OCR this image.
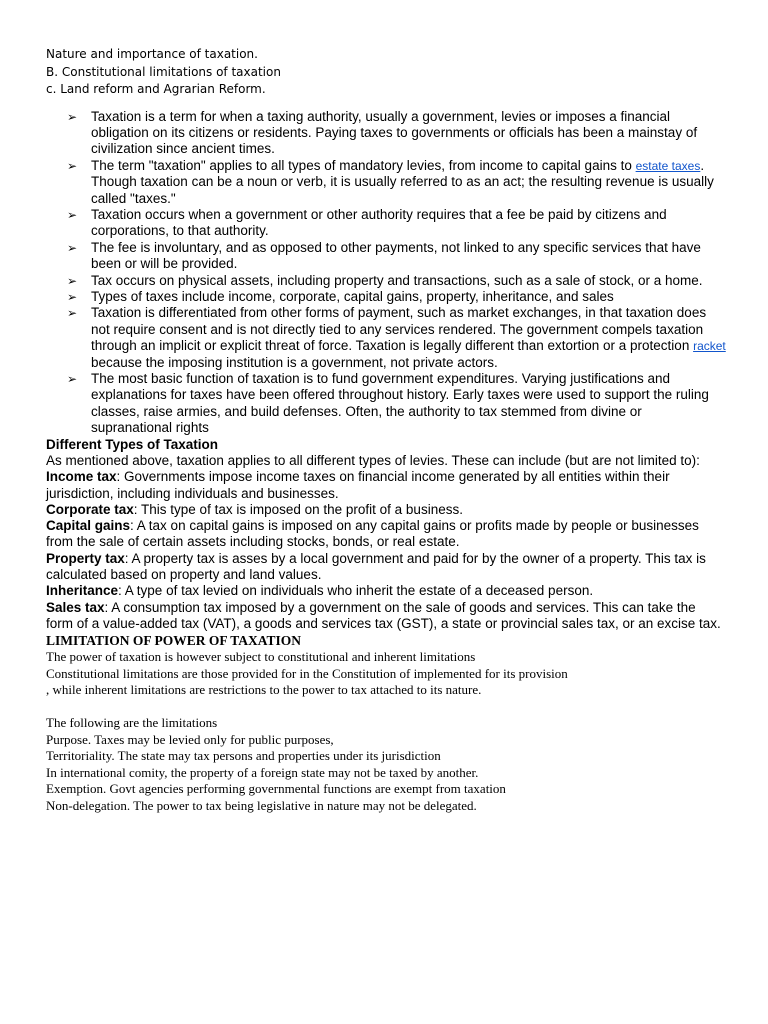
Nature and importance of taxation.
B. Constitutional limitations of taxation
c. Land reform and Agrarian Reform.
➢ Taxation is a term for when a taxing authority, usually a government, levies or imposes a financial obligation on its citizens or residents. Paying taxes to governments or officials has been a mainstay of civilization since ancient times.
➢ The term "taxation" applies to all types of mandatory levies, from income to capital gains to estate taxes. Though taxation can be a noun or verb, it is usually referred to as an act; the resulting revenue is usually called "taxes."
➢ Taxation occurs when a government or other authority requires that a fee be paid by citizens and corporations, to that authority.
➢ The fee is involuntary, and as opposed to other payments, not linked to any specific services that have been or will be provided.
➢ Tax occurs on physical assets, including property and transactions, such as a sale of stock, or a home.
➢ Types of taxes include income, corporate, capital gains, property, inheritance, and sales
➢ Taxation is differentiated from other forms of payment, such as market exchanges, in that taxation does not require consent and is not directly tied to any services rendered. The government compels taxation through an implicit or explicit threat of force. Taxation is legally different than extortion or a protection racket because the imposing institution is a government, not private actors.
➢ The most basic function of taxation is to fund government expenditures. Varying justifications and explanations for taxes have been offered throughout history. Early taxes were used to support the ruling classes, raise armies, and build defenses. Often, the authority to tax stemmed from divine or supranational rights

Different Types of Taxation

As mentioned above, taxation applies to all different types of levies. These can include (but are not limited to):

Income tax: Governments impose income taxes on financial income generated by all entities within their jurisdiction, including individuals and businesses.

Corporate tax: This type of tax is imposed on the profit of a business.

Capital gains: A tax on capital gains is imposed on any capital gains or profits made by people or businesses from the sale of certain assets including stocks, bonds, or real estate.

Property tax: A property tax is asses by a local government and paid for by the owner of a property. This tax is calculated based on property and land values.

Inheritance: A type of tax levied on individuals who inherit the estate of a deceased person.

Sales tax: A consumption tax imposed by a government on the sale of goods and services. This can take the form of a value-added tax (VAT), a goods and services tax (GST), a state or provincial sales tax, or an excise tax.

LIMITATION OF POWER OF TAXATION

The power of taxation is however subject to constitutional and inherent limitations

Constitutional limitations are those provided for in the Constitution of implemented for its provision

, while inherent limitations are restrictions to the power to tax attached to its nature.

The following are the limitations

Purpose. Taxes may be levied only for public purposes,

Territoriality. The state may tax persons and properties under its jurisdiction

In international comity, the property of a foreign state may not be taxed by another.

Exemption. Govt agencies performing governmental functions are exempt from taxation

Non-delegation. The power to tax being legislative in nature may not be delegated.
